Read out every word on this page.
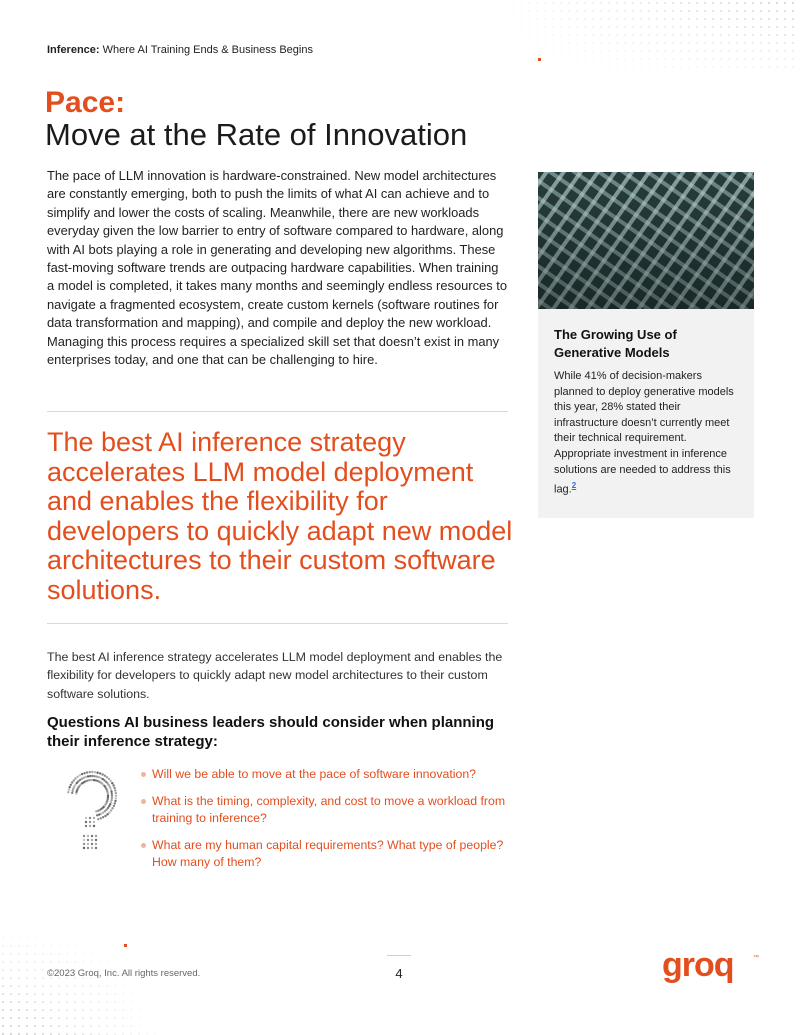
Inference: Where AI Training Ends & Business Begins
Pace:
Move at the Rate of Innovation

The pace of LLM innovation is hardware-constrained. New model architectures are constantly emerging, both to push the limits of what AI can achieve and to simplify and lower the costs of scaling. Meanwhile, there are new workloads everyday given the low barrier to entry of software compared to hardware, along with AI bots playing a role in generating and developing new algorithms. These fast-moving software trends are outpacing hardware capabilities. When training a model is completed, it takes many months and seemingly endless resources to navigate a fragmented ecosystem, create custom kernels (software routines for data transformation and mapping), and compile and deploy the new workload. Managing this process requires a specialized skill set that doesn’t exist in many enterprises today, and one that can be challenging to hire.

The best AI inference strategy accelerates LLM model deployment and enables the flexibility for developers to quickly adapt new model architectures to their custom software solutions.

The best AI inference strategy accelerates LLM model deployment and enables the flexibility for developers to quickly adapt new model architectures to their custom software solutions.

Questions AI business leaders should consider when planning their inference strategy:
Will we be able to move at the pace of software innovation?
What is the timing, complexity, and cost to move a workload from training to inference?
What are my human capital requirements? What type of people? How many of them?
The Growing Use of Generative Models

While 41% of decision-makers planned to deploy generative models this year, 28% stated their infrastructure doesn’t currently meet their technical requirement. Appropriate investment in inference solutions are needed to address this lag.$^2$

©2023 Groq, Inc. All rights reserved.	4	groq	™
